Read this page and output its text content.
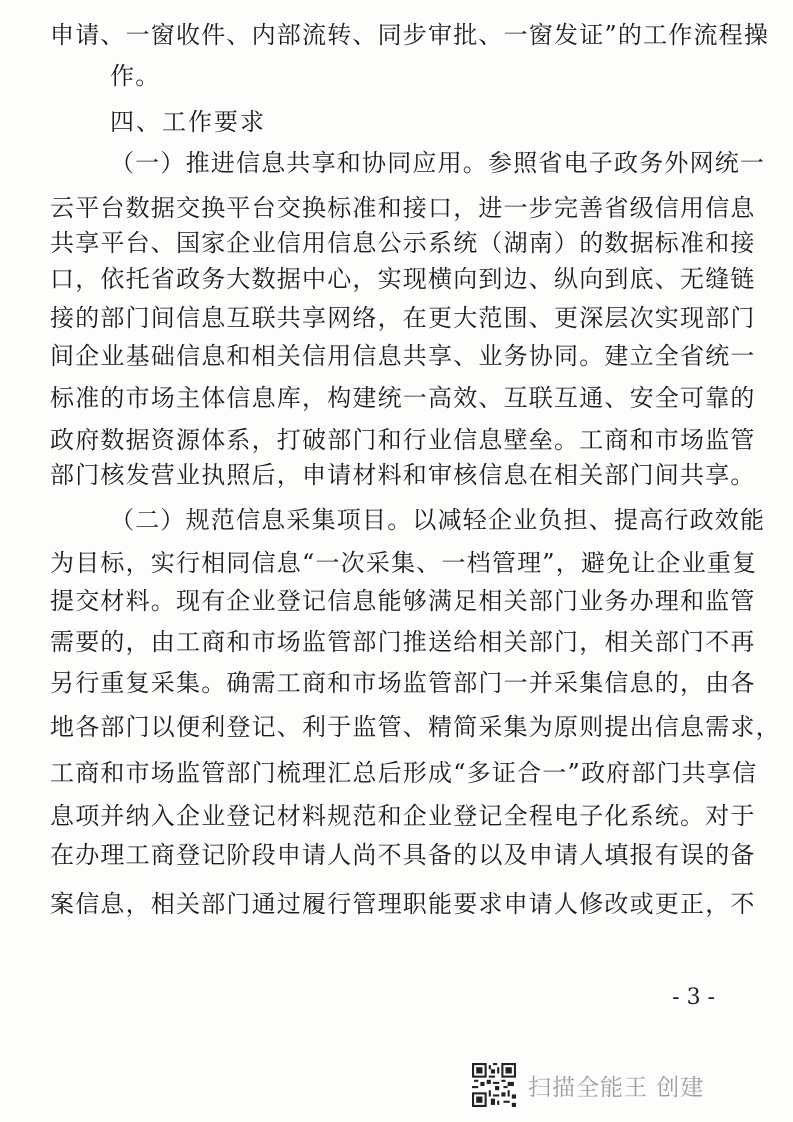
申请、一窗收件、内部流转、同步审批、一窗发证”的工作流程操
作。
四、工作要求
（一）推进信息共享和协同应用。参照省电子政务外网统一
云平台数据交换平台交换标准和接口，进一步完善省级信用信息
共享平台、国家企业信用信息公示系统（湖南）的数据标准和接
口，依托省政务大数据中心，实现横向到边、纵向到底、无缝链
接的部门间信息互联共享网络，在更大范围、更深层次实现部门
间企业基础信息和相关信用信息共享、业务协同。建立全省统一
标准的市场主体信息库，构建统一高效、互联互通、安全可靠的
政府数据资源体系，打破部门和行业信息壁垒。工商和市场监管
部门核发营业执照后，申请材料和审核信息在相关部门间共享。
（二）规范信息采集项目。以减轻企业负担、提高行政效能
为目标，实行相同信息“一次采集、一档管理”，避免让企业重复
提交材料。现有企业登记信息能够满足相关部门业务办理和监管
需要的，由工商和市场监管部门推送给相关部门，相关部门不再
另行重复采集。确需工商和市场监管部门一并采集信息的，由各
地各部门以便利登记、利于监管、精简采集为原则提出信息需求，
工商和市场监管部门梳理汇总后形成“多证合一”政府部门共享信
息项并纳入企业登记材料规范和企业登记全程电子化系统。对于
在办理工商登记阶段申请人尚不具备的以及申请人填报有误的备
案信息，相关部门通过履行管理职能要求申请人修改或更正，不
- 3 -
扫描全能王 创建
